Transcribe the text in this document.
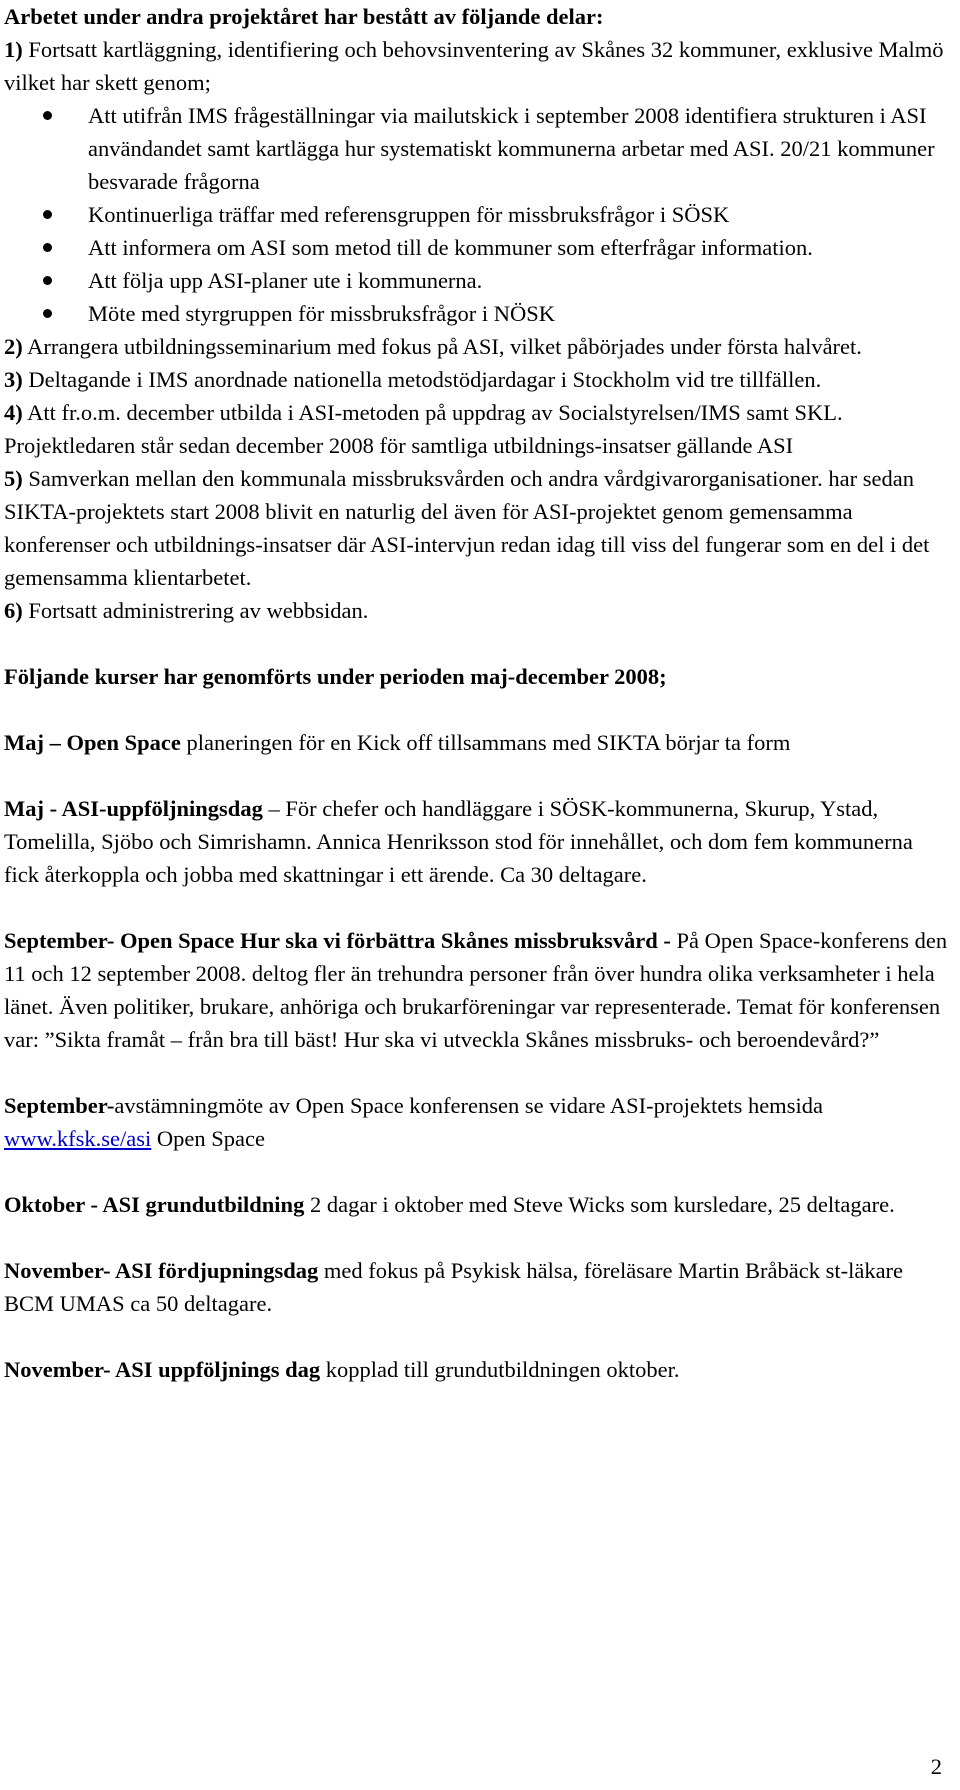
Arbetet under andra projektåret har bestått av följande delar:

1) Fortsatt kartläggning, identifiering och behovsinventering av Skånes 32 kommuner, exklusive Malmö vilket har skett genom;

Att utifrån IMS frågeställningar via mailutskick i september 2008 identifiera strukturen i ASI användandet samt kartlägga hur systematiskt kommunerna arbetar med ASI. 20/21 kommuner besvarade frågorna
Kontinuerliga träffar med referensgruppen för missbruksfrågor i SÖSK
Att informera om ASI som metod till de kommuner som efterfrågar information.
Att följa upp ASI-planer ute i kommunerna.
Möte med styrgruppen för missbruksfrågor i NÖSK

2) Arrangera utbildningsseminarium med fokus på ASI, vilket påbörjades under första halvåret.

3) Deltagande i IMS anordnade nationella metodstödjardagar i Stockholm vid tre tillfällen.

4) Att fr.o.m. december utbilda i ASI-metoden på uppdrag av Socialstyrelsen/IMS samt SKL. Projektledaren står sedan december 2008 för samtliga utbildnings-insatser gällande ASI

5) Samverkan mellan den kommunala missbruksvården och andra vårdgivarorganisationer. har sedan SIKTA-projektets start 2008 blivit en naturlig del även för ASI-projektet genom gemensamma konferenser och utbildnings-insatser där ASI-intervjun redan idag till viss del fungerar som en del i det gemensamma klientarbetet.

6) Fortsatt administrering av webbsidan.

Följande kurser har genomförts under perioden maj-december 2008;

Maj – Open Space planeringen för en Kick off tillsammans med SIKTA börjar ta form

Maj - ASI-uppföljningsdag – För chefer och handläggare i SÖSK-kommunerna, Skurup, Ystad, Tomelilla, Sjöbo och Simrishamn. Annica Henriksson stod för innehållet, och dom fem kommunerna fick återkoppla och jobba med skattningar i ett ärende. Ca 30 deltagare.

September- Open Space Hur ska vi förbättra Skånes missbruksvård - På Open Space-konferens den 11 och 12 september 2008. deltog fler än trehundra personer från över hundra olika verksamheter i hela länet. Även politiker, brukare, anhöriga och brukarföreningar var representerade. Temat för konferensen var: ”Sikta framåt – från bra till bäst! Hur ska vi utveckla Skånes missbruks- och beroendevård?”

September-avstämningmöte av Open Space konferensen se vidare ASI-projektets hemsida www.kfsk.se/asi Open Space

Oktober - ASI grundutbildning 2 dagar i oktober med Steve Wicks som kursledare, 25 deltagare.

November- ASI fördjupningsdag med fokus på Psykisk hälsa, föreläsare Martin Bråbäck st-läkare BCM UMAS ca 50 deltagare.

November- ASI uppföljnings dag kopplad till grundutbildningen oktober.

2
